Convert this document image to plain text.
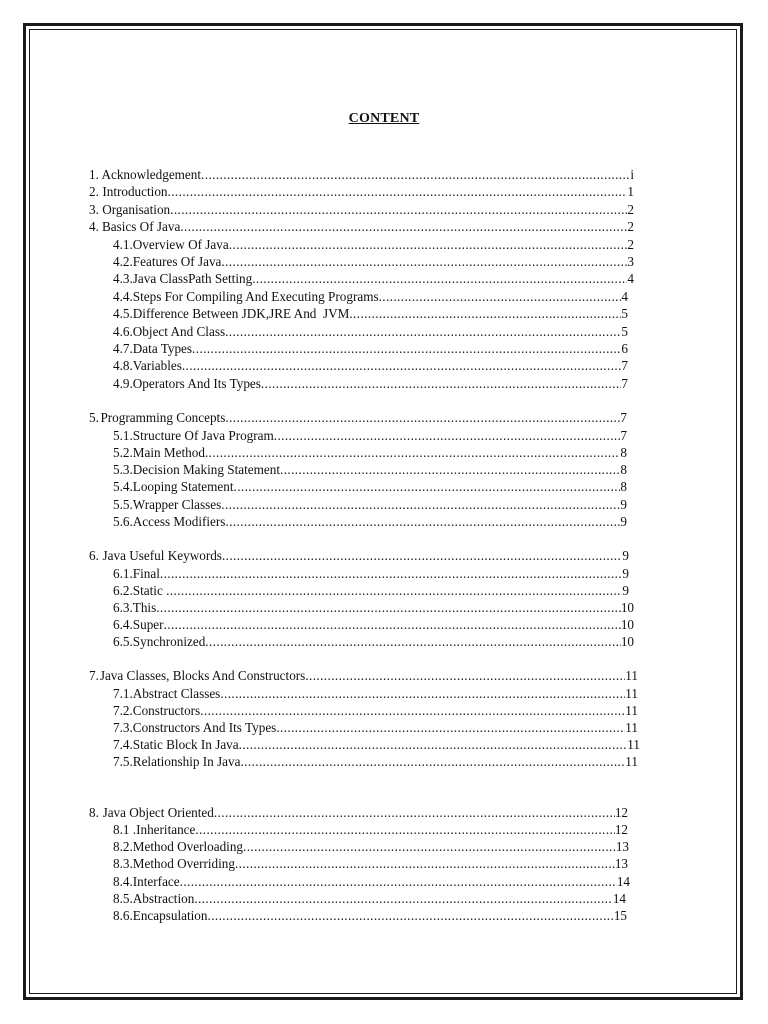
CONTENT
1. Acknowledgement .....	i
2. Introduction .....	1
3. Organisation .....	2
4. Basics Of Java .....	2
4.1. Overview Of Java .....	2
4.2. Features Of Java .....	3
4.3. Java ClassPath Setting .....	4
4.4. Steps For Compiling And Executing Programs .....	4
4.5. Difference Between JDK,JRE And  JVM .....	5
4.6. Object And Class .....	5
4.7. Data Types .....	6
4.8. Variables .....	7
4.9. Operators And Its Types .....	7
5. Programming Concepts .....	7
5.1. Structure Of Java Program .....	7
5.2. Main Method .....	8
5.3. Decision Making Statement .....	8
5.4. Looping Statement .....	8
5.5. Wrapper Classes .....	9
5.6. Access Modifiers .....	9
6. Java Useful Keywords .....	9
6.1. Final .....	9
6.2. Static .....	9
6.3. This .....	10
6.4. Super .....	10
6.5. Synchronized .....	10
7. Java Classes, Blocks And Constructors .....	11
7.1. Abstract Classes .....	11
7.2. Constructors .....	11
7.3. Constructors And Its Types .....	11
7.4. Static Block In Java .....	11
7.5. Relationship In Java .....	11
8. Java Object Oriented .....	12
8.1 . Inheritance .....	12
8.2. Method Overloading .....	13
8.3. Method Overriding .....	13
8.4. Interface .....	14
8.5. Abstraction .....	14
8.6. Encapsulation .....	15
